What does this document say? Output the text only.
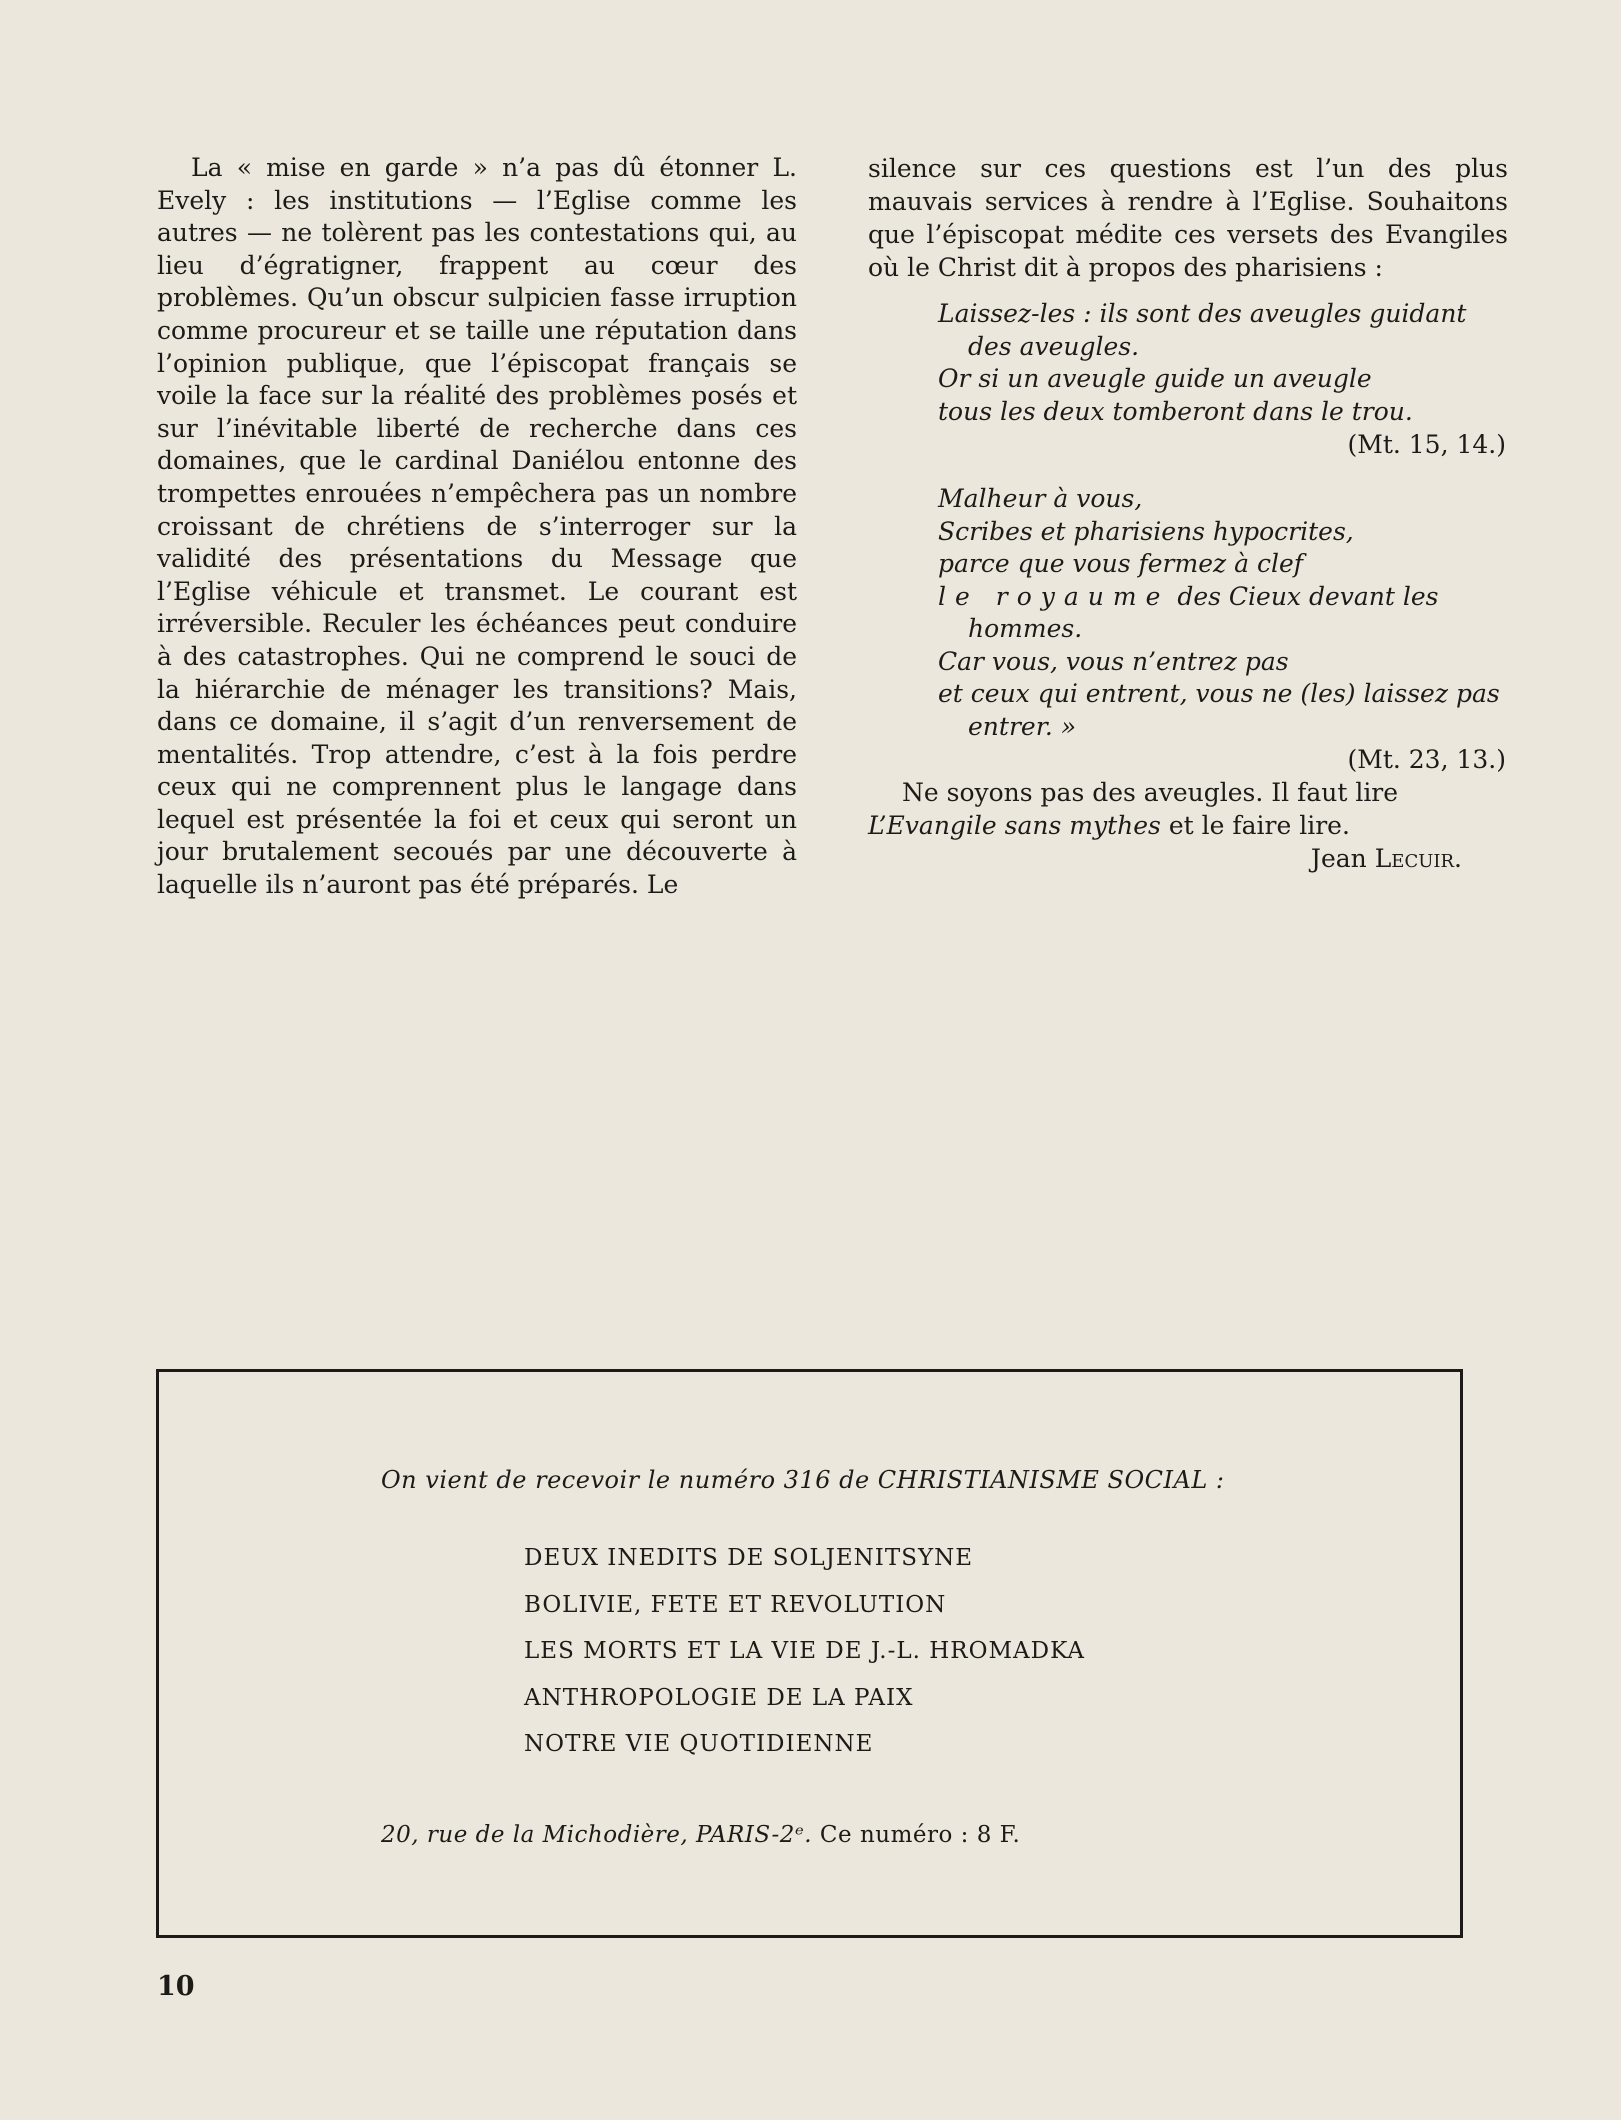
La « mise en garde » n’a pas dû étonner L. Evely : les institutions — l’Eglise comme les autres — ne tolèrent pas les contestations qui, au lieu d’égratigner, frappent au cœur des problèmes. Qu’un obscur sulpicien fasse irruption comme procureur et se taille une réputation dans l’opinion publique, que l’épiscopat français se voile la face sur la réalité des problèmes posés et sur l’inévitable liberté de recherche dans ces domaines, que le cardinal Daniélou entonne des trompettes enrouées n’empêchera pas un nombre croissant de chrétiens de s’interroger sur la validité des présentations du Message que l’Eglise véhicule et transmet. Le courant est irréversible. Reculer les échéances peut conduire à des catastrophes. Qui ne comprend le souci de la hiérarchie de ménager les transitions? Mais, dans ce domaine, il s’agit d’un renversement de mentalités. Trop attendre, c’est à la fois perdre ceux qui ne comprennent plus le langage dans lequel est présentée la foi et ceux qui seront un jour brutalement secoués par une découverte à laquelle ils n’auront pas été préparés. Le

silence sur ces questions est l’un des plus mauvais services à rendre à l’Eglise. Souhaitons que l’épiscopat médite ces versets des Evangiles où le Christ dit à propos des pharisiens :

Laissez-les : ils sont des aveugles guidant des aveugles.
Or si un aveugle guide un aveugle
tous les deux tomberont dans le trou.

(Mt. 15, 14.)

Malheur à vous,
Scribes et pharisiens hypocrites,
parce que vous fermez à clef
le royaume des Cieux devant les hommes.
Car vous, vous n’entrez pas
et ceux qui entrent, vous ne (les) laissez pas entrer. »

(Mt. 23, 13.)

Ne soyons pas des aveugles. Il faut lire
L’Evangile sans mythes et le faire lire.

Jean Lecuir.

On vient de recevoir le numéro 316 de CHRISTIANISME SOCIAL :
DEUX INEDITS DE SOLJENITSYNE
BOLIVIE, FETE ET REVOLUTION
LES MORTS ET LA VIE DE J.-L. HROMADKA
ANTHROPOLOGIE DE LA PAIX
NOTRE VIE QUOTIDIENNE
20, rue de la Michodière, PARIS-2ᵉ. Ce numéro : 8 F.
10
